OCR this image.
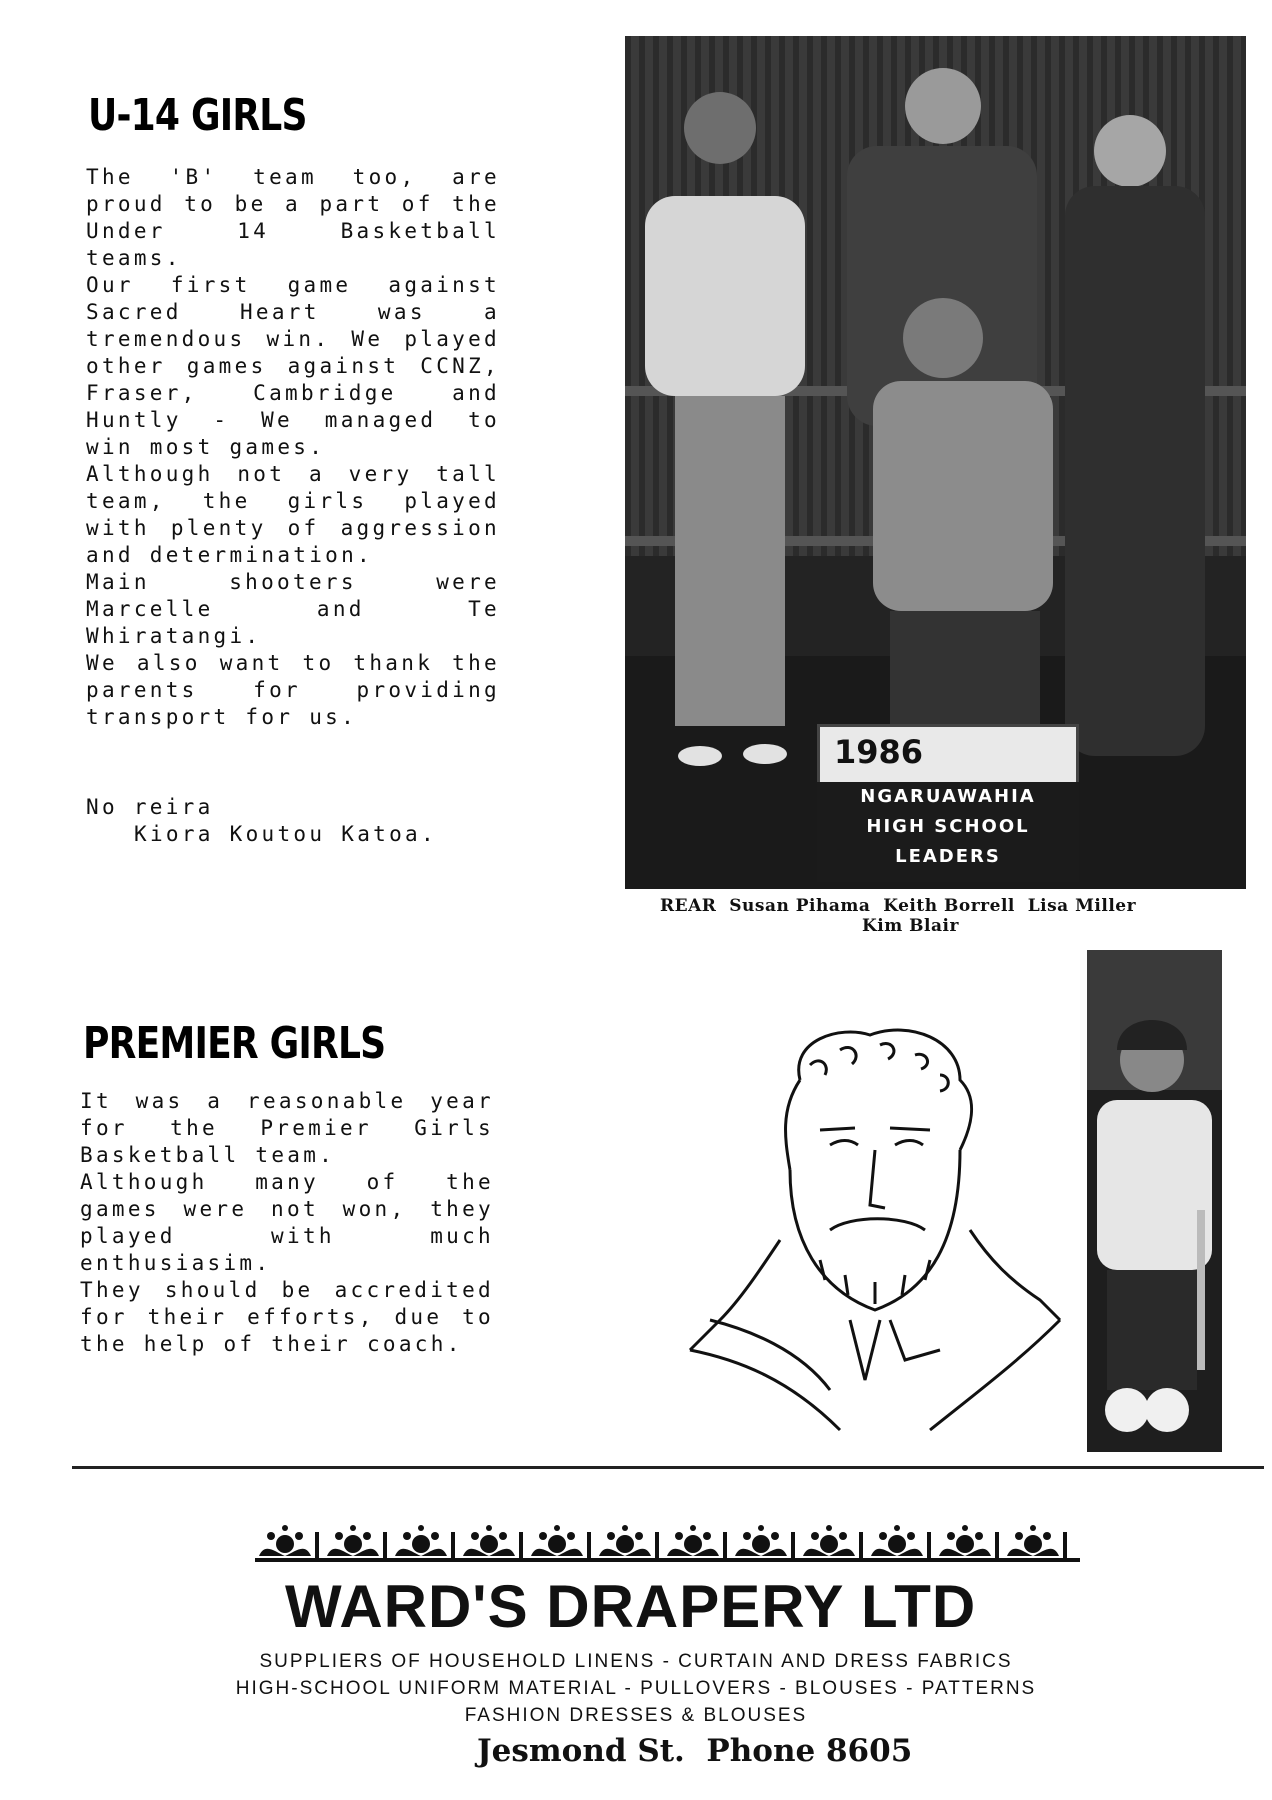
U-14 GIRLS
The 'B' team too, are proud to be a part of the Under 14 Basketball teams.
Our first game against Sacred Heart was a tremendous win. We played other games against CCNZ, Fraser, Cambridge and Huntly - We managed to win most games.
Although not a very tall team, the girls played with plenty of aggression and determination.
Main shooters were Marcelle and Te Whiratangi.
We also want to thank the parents for providing transport for us.
No reira
Kiora Koutou Katoa.
1986
NGARUAWAHIA
HIGH SCHOOL
LEADERS
REAR  Susan Pihama  Keith Borrell  Lisa Miller
Kim Blair
PREMIER GIRLS
It was a reasonable year for the Premier Girls Basketball team.
Although many of the games were not won, they played with much enthusiasim.
They should be accredited for their efforts, due to the help of their coach.
WARD'S DRAPERY LTD
SUPPLIERS OF HOUSEHOLD LINENS - CURTAIN AND DRESS FABRICS
HIGH-SCHOOL UNIFORM MATERIAL - PULLOVERS - BLOUSES - PATTERNS
FASHION DRESSES & BLOUSES
Jesmond St.  Phone 8605
